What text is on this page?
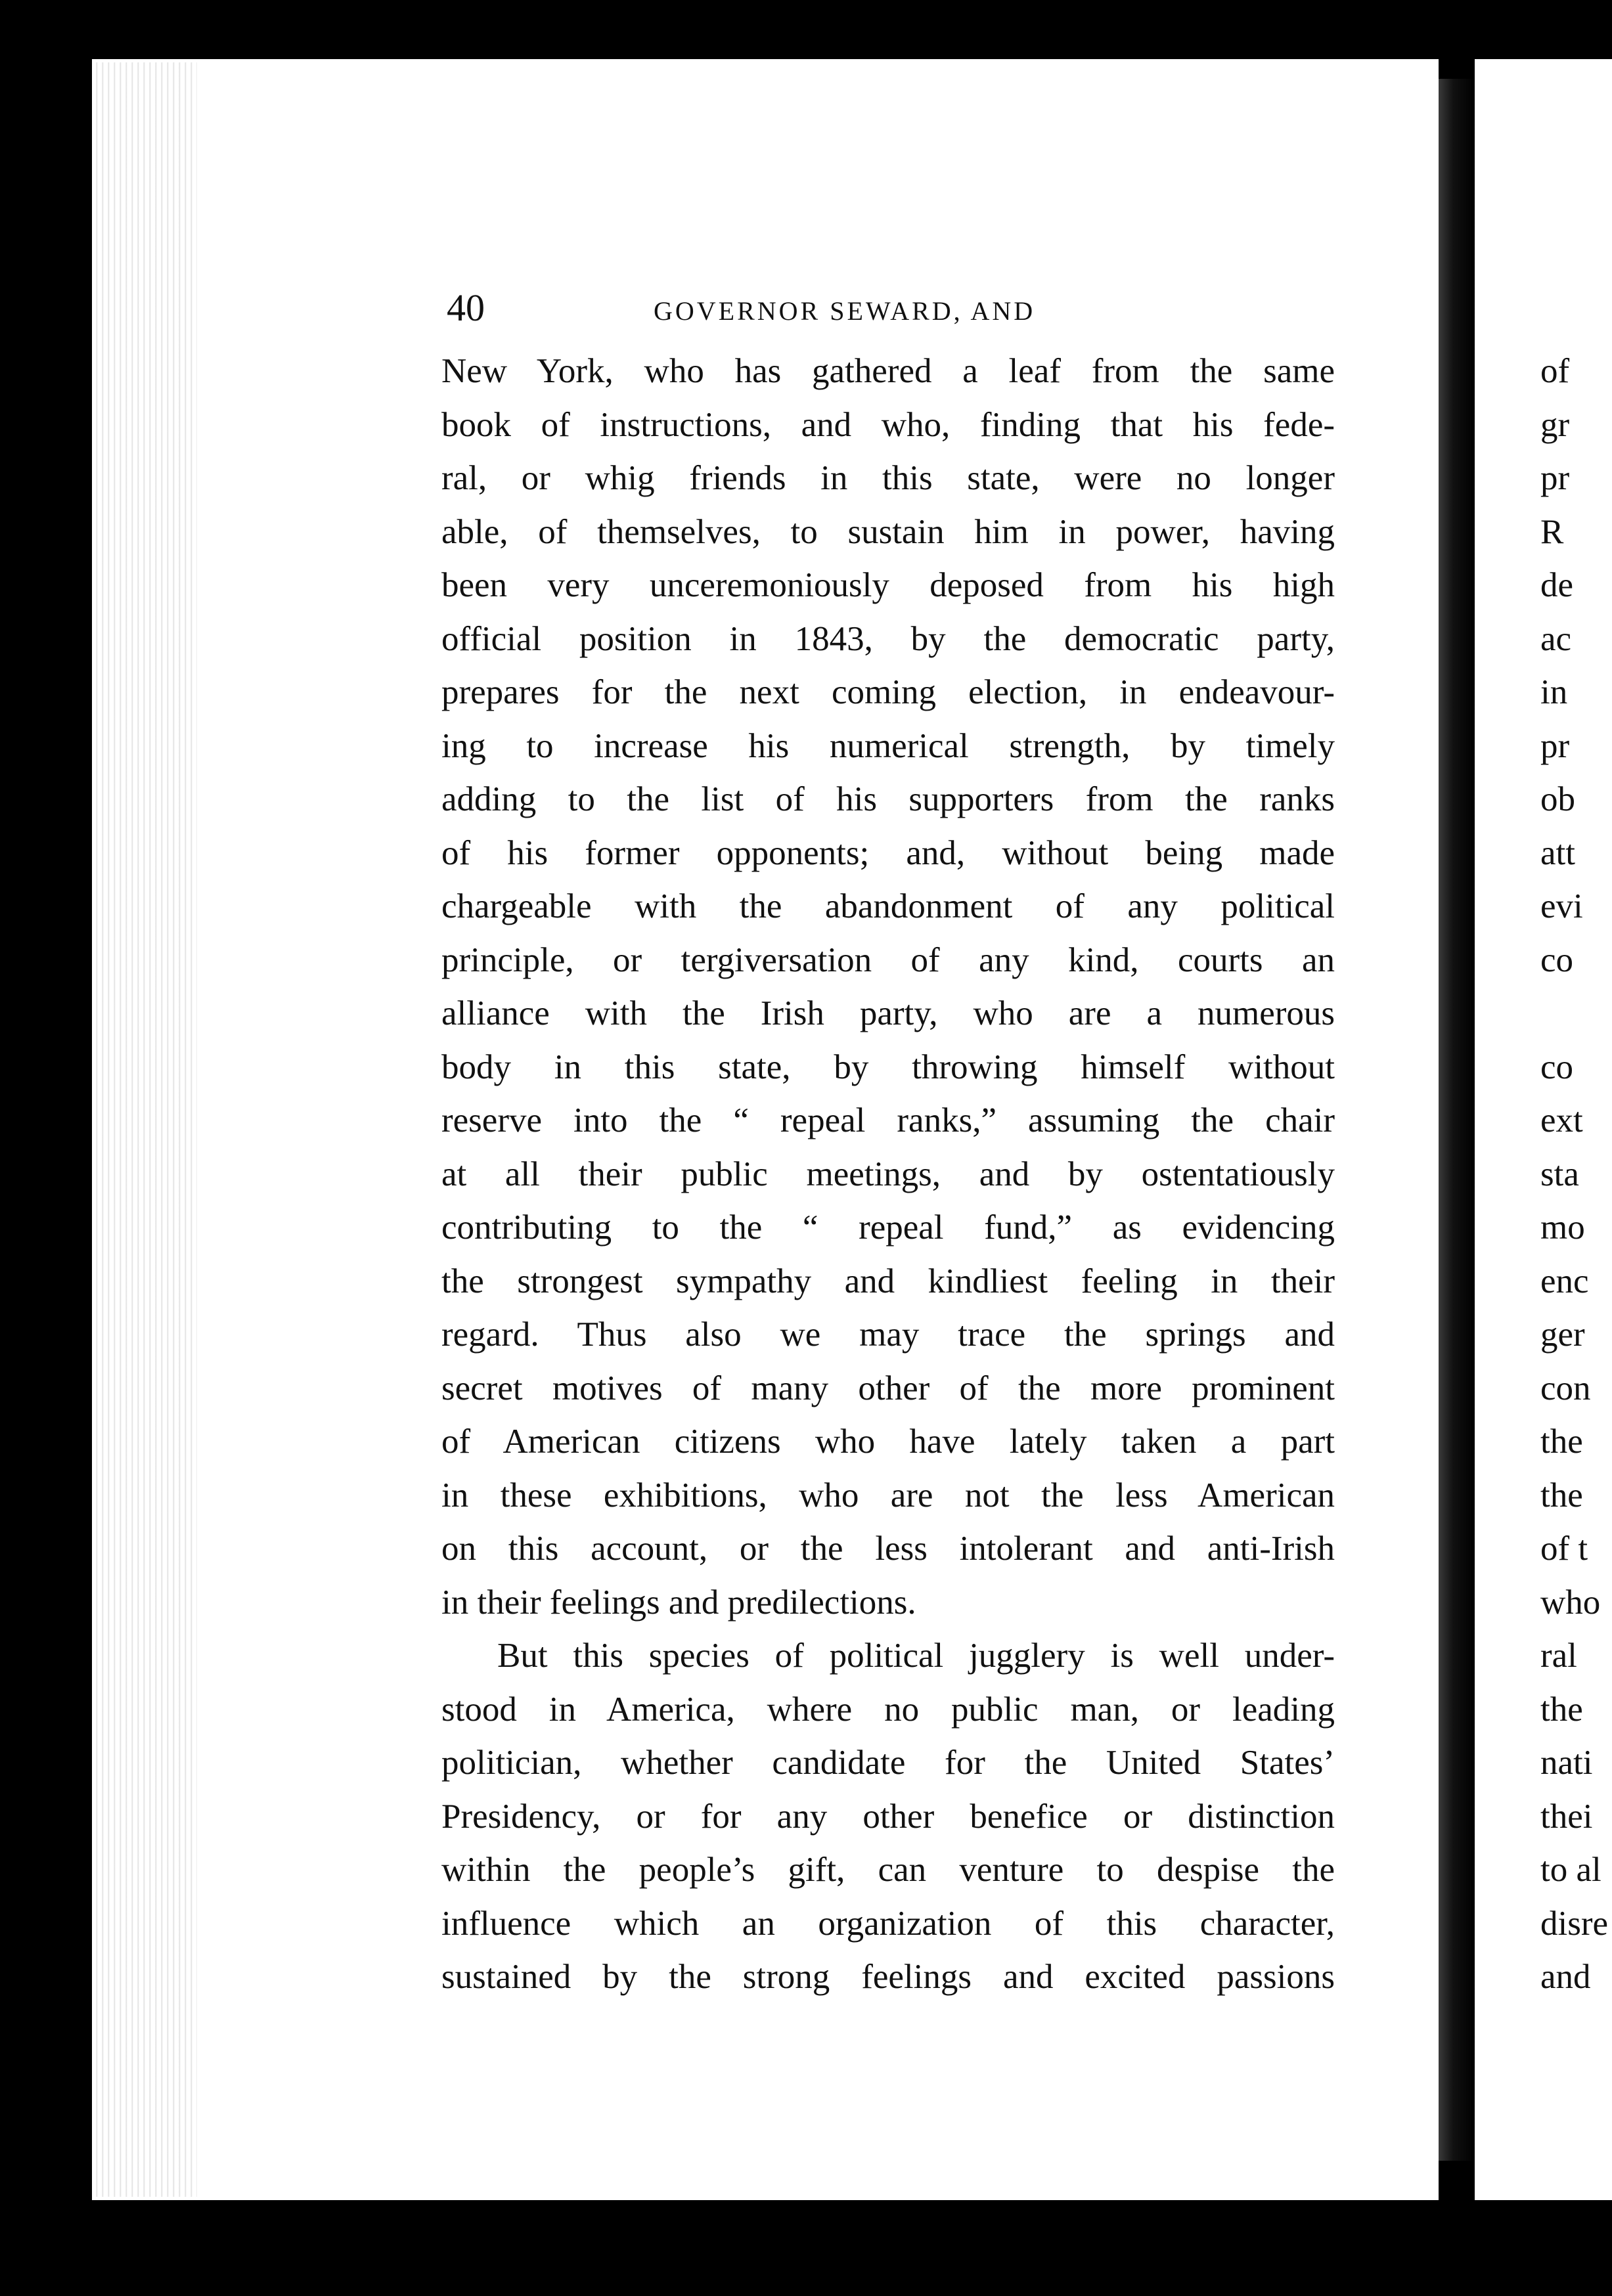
40	GOVERNOR SEWARD, AND
New York, who has gathered a leaf from the same
book of instructions, and who, finding that his fede-
ral, or whig friends in this state, were no longer
able, of themselves, to sustain him in power, having
been very unceremoniously deposed from his high
official position in 1843, by the democratic party,
prepares for the next coming election, in endeavour-
ing to increase his numerical strength, by timely
adding to the list of his supporters from the ranks
of his former opponents; and, without being made
chargeable with the abandonment of any political
principle, or tergiversation of any kind, courts an
alliance with the Irish party, who are a numerous
body in this state, by throwing himself without
reserve into the “ repeal ranks,” assuming the chair
at all their public meetings, and by ostentatiously
contributing to the “ repeal fund,” as evidencing
the strongest sympathy and kindliest feeling in their
regard. Thus also we may trace the springs and
secret motives of many other of the more prominent
of American citizens who have lately taken a part
in these exhibitions, who are not the less American
on this account, or the less intolerant and anti-Irish
in their feelings and predilections.
But this species of political jugglery is well under-
stood in America, where no public man, or leading
politician, whether candidate for the United States’
Presidency, or for any other benefice or distinction
within the people’s gift, can venture to despise the
influence which an organization of this character,
sustained by the strong feelings and excited passions
of
gr
pr
R
de
ac
in
pr
ob
att
evi
co
co
ext
sta
mo
enc
ger
con
the
the
of t
who
ral
the
nati
thei
to al
disre
and
